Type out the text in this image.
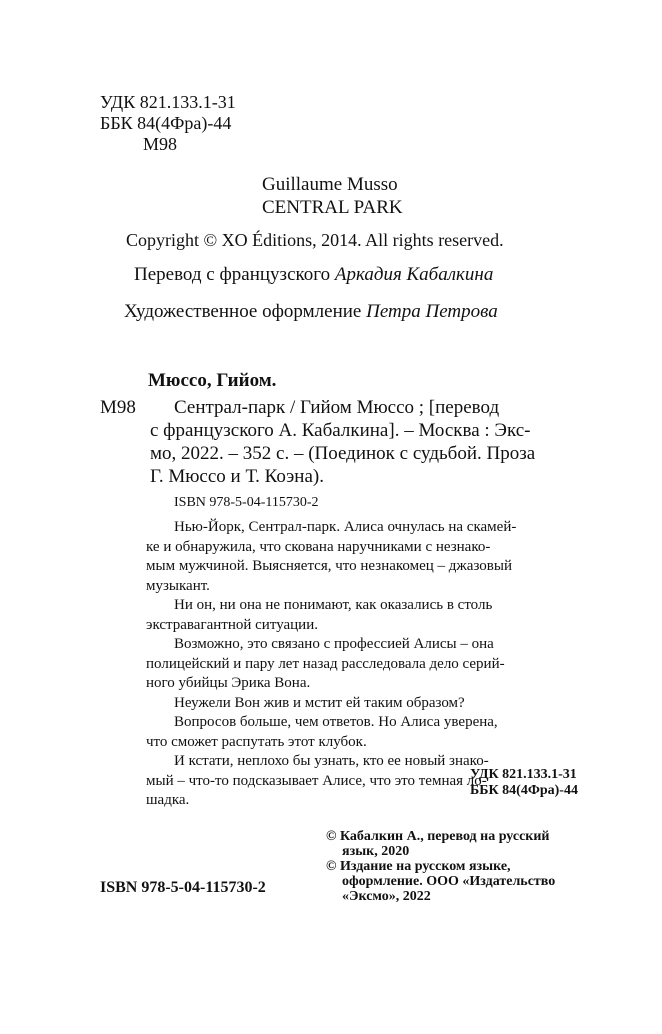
УДК 821.133.1-31
ББК 84(4Фра)-44
М98
Guillaume Musso
CENTRAL PARK
Copyright © XO Éditions, 2014. All rights reserved.
Перевод с французского Аркадия Кабалкина
Художественное оформление Петра Петрова
Мюссо, Гийом.
М98 Сентрал-парк / Гийом Мюссо ; [перевод
с французского А. Кабалкина]. – Москва : Экс-
мо, 2022. – 352 с. – (Поединок с судьбой. Проза
Г. Мюссо и Т. Коэна).
ISBN 978-5-04-115730-2
Нью-Йорк, Сентрал-парк. Алиса очнулась на скамей-
ке и обнаружила, что скована наручниками с незнако-
мым мужчиной. Выясняется, что незнакомец – джазовый
музыкант.
Ни он, ни она не понимают, как оказались в столь
экстравагантной ситуации.
Возможно, это связано с профессией Алисы – она
полицейский и пару лет назад расследовала дело серий-
ного убийцы Эрика Вона.
Неужели Вон жив и мстит ей таким образом?
Вопросов больше, чем ответов. Но Алиса уверена,
что сможет распутать этот клубок.
И кстати, неплохо бы узнать, кто ее новый знако-
мый – что-то подсказывает Алисе, что это темная ло-
шадка.
УДК 821.133.1-31
ББК 84(4Фра)-44
© Кабалкин А., перевод на русский
язык, 2020
© Издание на русском языке,
оформление. ООО «Издательство
«Эксмо», 2022
ISBN 978-5-04-115730-2
